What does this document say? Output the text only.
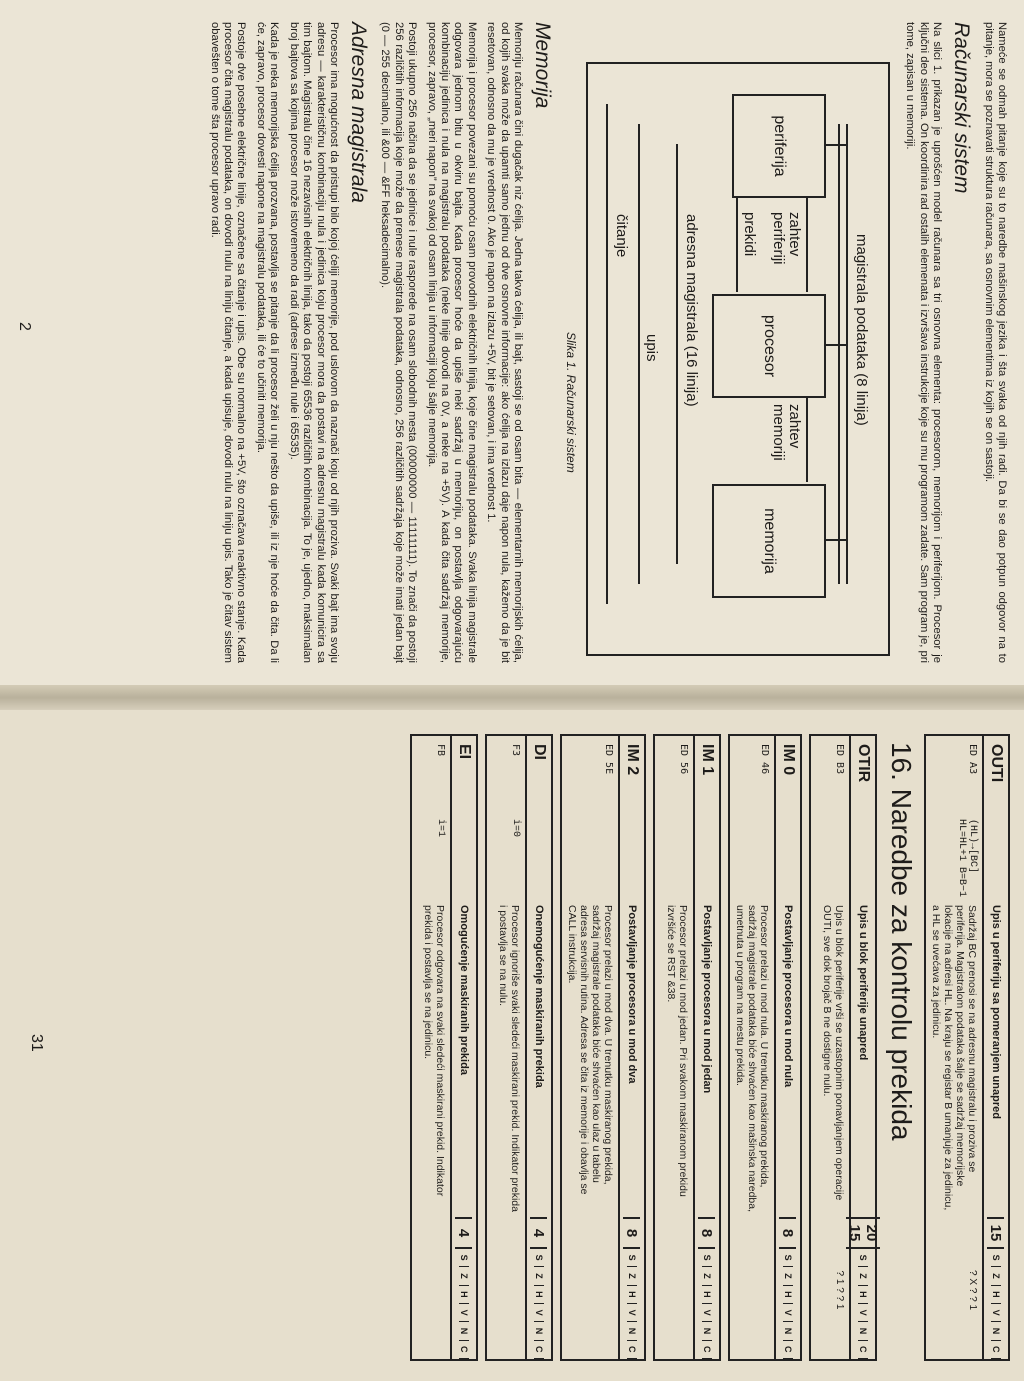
Nameće se odmah pitanje koje su to naredbe mašinskog jezika i šta svaka od njih radi. Da bi se dao potpun odgovor na to pitanje, mora se poznavati struktura računara, sa osnovnim elementima iz kojih se on sastoji.

Računarski sistem

Na slici 1. prikazan je uprošćen model računara sa tri osnovna elementa: procesorom, memorijom i periferijom. Procesor je ključni deo sistema. On koordinira rad ostalih elemenata i izvršava instrukcije koje su mu programom zadate. Sam program je, pri tome, zapisan u memoriji.

periferija
procesor
memorija
magistrala podataka (8 linija)
zahtev periferiji
zahtev memoriji
prekidi
adresna magistrala (16 linija)
upis
čitanje
Slika 1. Računarski sistem
Memorija

Memoriju računara čini dugačak niz ćelija. Jedna takva ćelija, ili bajt, sastoji se od osam bita — elementarnih memorijskih ćelija, od kojih svaka može da upamti samo jednu od dve osnovne informacije: ako ćelija na izlazu daje napon nula, kažemo da je bit resetovan, odnosno da mu je vrednost 0. Ako je napon na izlazu +5V, bit je setovan, i ima vrednost 1.

Memorija i procesor povezani su pomoću osam provodnih električnih linija, koje čine magistralu podataka. Svaka linija magistrale odgovara jednom bitu u okviru bajta. Kada procesor hoće da upiše neki sadržaj u memoriju, on postavlja odgovarajuću kombinaciju jedinica i nula na magistralu podataka (neke linije dovodi na 0V, a neke na +5V). A kada čita sadržaj memorije, procesor, zapravo, „meri napon” na svakoj od osam linija u informaciji koju šalje memorija.

Postoji ukupno 256 načina da se jedinice i nule rasporede na osam slobodnih mesta (00000000 — 11111111). To znači da postoji 256 različitih informacija koje može da prenese magistrala podataka, odnosno, 256 različitih sadržaja koje može imati jedan bajt (0 — 255 decimalno, ili &00 — &FF heksadecimalno).

Adresna magistrala

Procesor ima mogućnost da pristupi bilo kojoj ćeliji memorije, pod uslovom da naznači koju od njih proziva. Svaki bajt ima svoju adresu — karakterističnu kombinaciju nula i jedinica koju procesor mora da postavi na adresnu magistralu kada komunicira sa tim bajtom. Magistralu čine 16 nezavisnih električnih linija, tako da postoji 65536 različitih kombinacija. To je, ujedno, maksimalan broj bajtova sa kojima procesor može istovremeno da radi (adrese između nule i 65535).

Kada je neka memorijska ćelija prozvana, postavlja se pitanje da li procesor želi u nju nešto da upiše, ili iz nje hoće da čita. Da li će, zapravo, procesor dovesti napone na magistralu podataka, ili će to učiniti memorija.

Postoje dve posebne električne linije, označene sa čitanje i upis. Obe su normalno na +5V, što označava neaktivno stanje. Kada procesor čita magistralu podataka, on dovodi nulu na liniju čitanje, a kada upisuje, dovodi nulu na liniju upis. Tako je čitav sistem obavešten o tome šta procesor upravo radi.

2
OUTI
Upis u periferiju sa pomeranjem unapred
15
S
Z
H
V
N
C
ED A3
(HL)→[BC] HL=HL+1 B=B−1
Sadržaj BC prenosi se na adresnu magistralu i proziva se periferija. Magistralom podataka šalje se sadržaj memorijske lokacije na adresi HL. Na kraju se registar B umanjuje za jedinicu, a HL se uvećava za jedinicu.
? X ? ? 1
16. Naredbe za kontrolu prekida
OTIR
Upis u blok periferije unapred
20 15
S
Z
H
V
N
C
ED B3
Upis u blok periferije vrši se uzastopnim ponavljanjem operacije OUTI, sve dok brojač B ne dostigne nulu.
? 1 ? ? 1
IM 0
Postavljanje procesora u mod nula
8
S
Z
H
V
N
C
ED 46
Procesor prelazi u mod nula. U trenutku maskiranog prekida, sadržaj magistrale podataka biće shvaćen kao mašinska naredba, umetnuta u program na mestu prekida.
IM 1
Postavljanje procesora u mod jedan
8
S
Z
H
V
N
C
ED 56
Procesor prelazi u mod jedan. Pri svakom maskiranom prekidu izvršiće se RST &38.
IM 2
Postavljanje procesora u mod dva
8
S
Z
H
V
N
C
ED 5E
Procesor prelazi u mod dva. U trenutku maskiranog prekida, sadržaj magistrale podataka biće shvaćen kao ulaz u tabelu adresa servisnih rutina. Adresa se čita iz memorije i obavlja se CALL instrukcija.
DI
Onemogućenje maskiranih prekida
4
S
Z
H
V
N
C
F3
i=0
Procesor ignoriše svaki sledeći maskirani prekid. Indikator prekida i postavlja se na nulu.
EI
Omogućenje maskiranih prekida
4
S
Z
H
V
N
C
FB
i=1
Procesor odgovara na svaki sledeći maskirani prekid. Indikator prekida i postavlja se na jedinicu.
31
